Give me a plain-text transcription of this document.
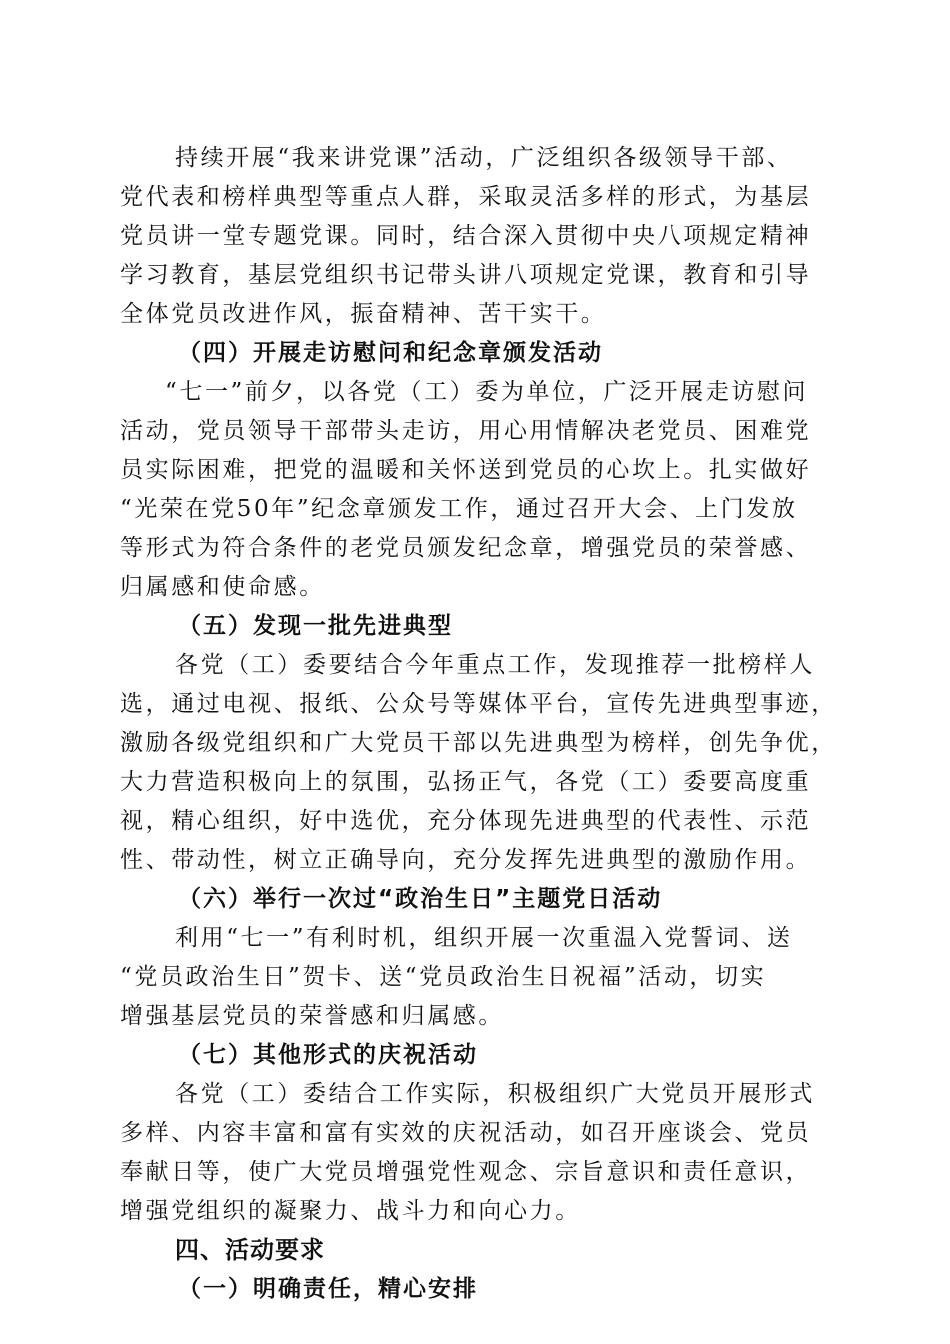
持续开展“我来讲党课”活动，广泛组织各级领导干部、
党代表和榜样典型等重点人群，采取灵活多样的形式，为基层
党员讲一堂专题党课。同时，结合深入贯彻中央八项规定精神
学习教育，基层党组织书记带头讲八项规定党课，教育和引导
全体党员改进作风，振奋精神、苦干实干。
（四）开展走访慰问和纪念章颁发活动
“七一”前夕，以各党（工）委为单位，广泛开展走访慰问
活动，党员领导干部带头走访，用心用情解决老党员、困难党
员实际困难，把党的温暖和关怀送到党员的心坎上。扎实做好
“光荣在党50年”纪念章颁发工作，通过召开大会、上门发放
等形式为符合条件的老党员颁发纪念章，增强党员的荣誉感、
归属感和使命感。
（五）发现一批先进典型
各党（工）委要结合今年重点工作，发现推荐一批榜样人
选，通过电视、报纸、公众号等媒体平台，宣传先进典型事迹，
激励各级党组织和广大党员干部以先进典型为榜样，创先争优，
大力营造积极向上的氛围，弘扬正气，各党（工）委要高度重
视，精心组织，好中选优，充分体现先进典型的代表性、示范
性、带动性，树立正确导向，充分发挥先进典型的激励作用。
（六）举行一次过“政治生日”主题党日活动
利用“七一”有利时机，组织开展一次重温入党誓词、送
“党员政治生日”贺卡、送“党员政治生日祝福”活动，切实
增强基层党员的荣誉感和归属感。
（七）其他形式的庆祝活动
各党（工）委结合工作实际，积极组织广大党员开展形式
多样、内容丰富和富有实效的庆祝活动，如召开座谈会、党员
奉献日等，使广大党员增强党性观念、宗旨意识和责任意识，
增强党组织的凝聚力、战斗力和向心力。
四、活动要求
（一）明确责任，精心安排
